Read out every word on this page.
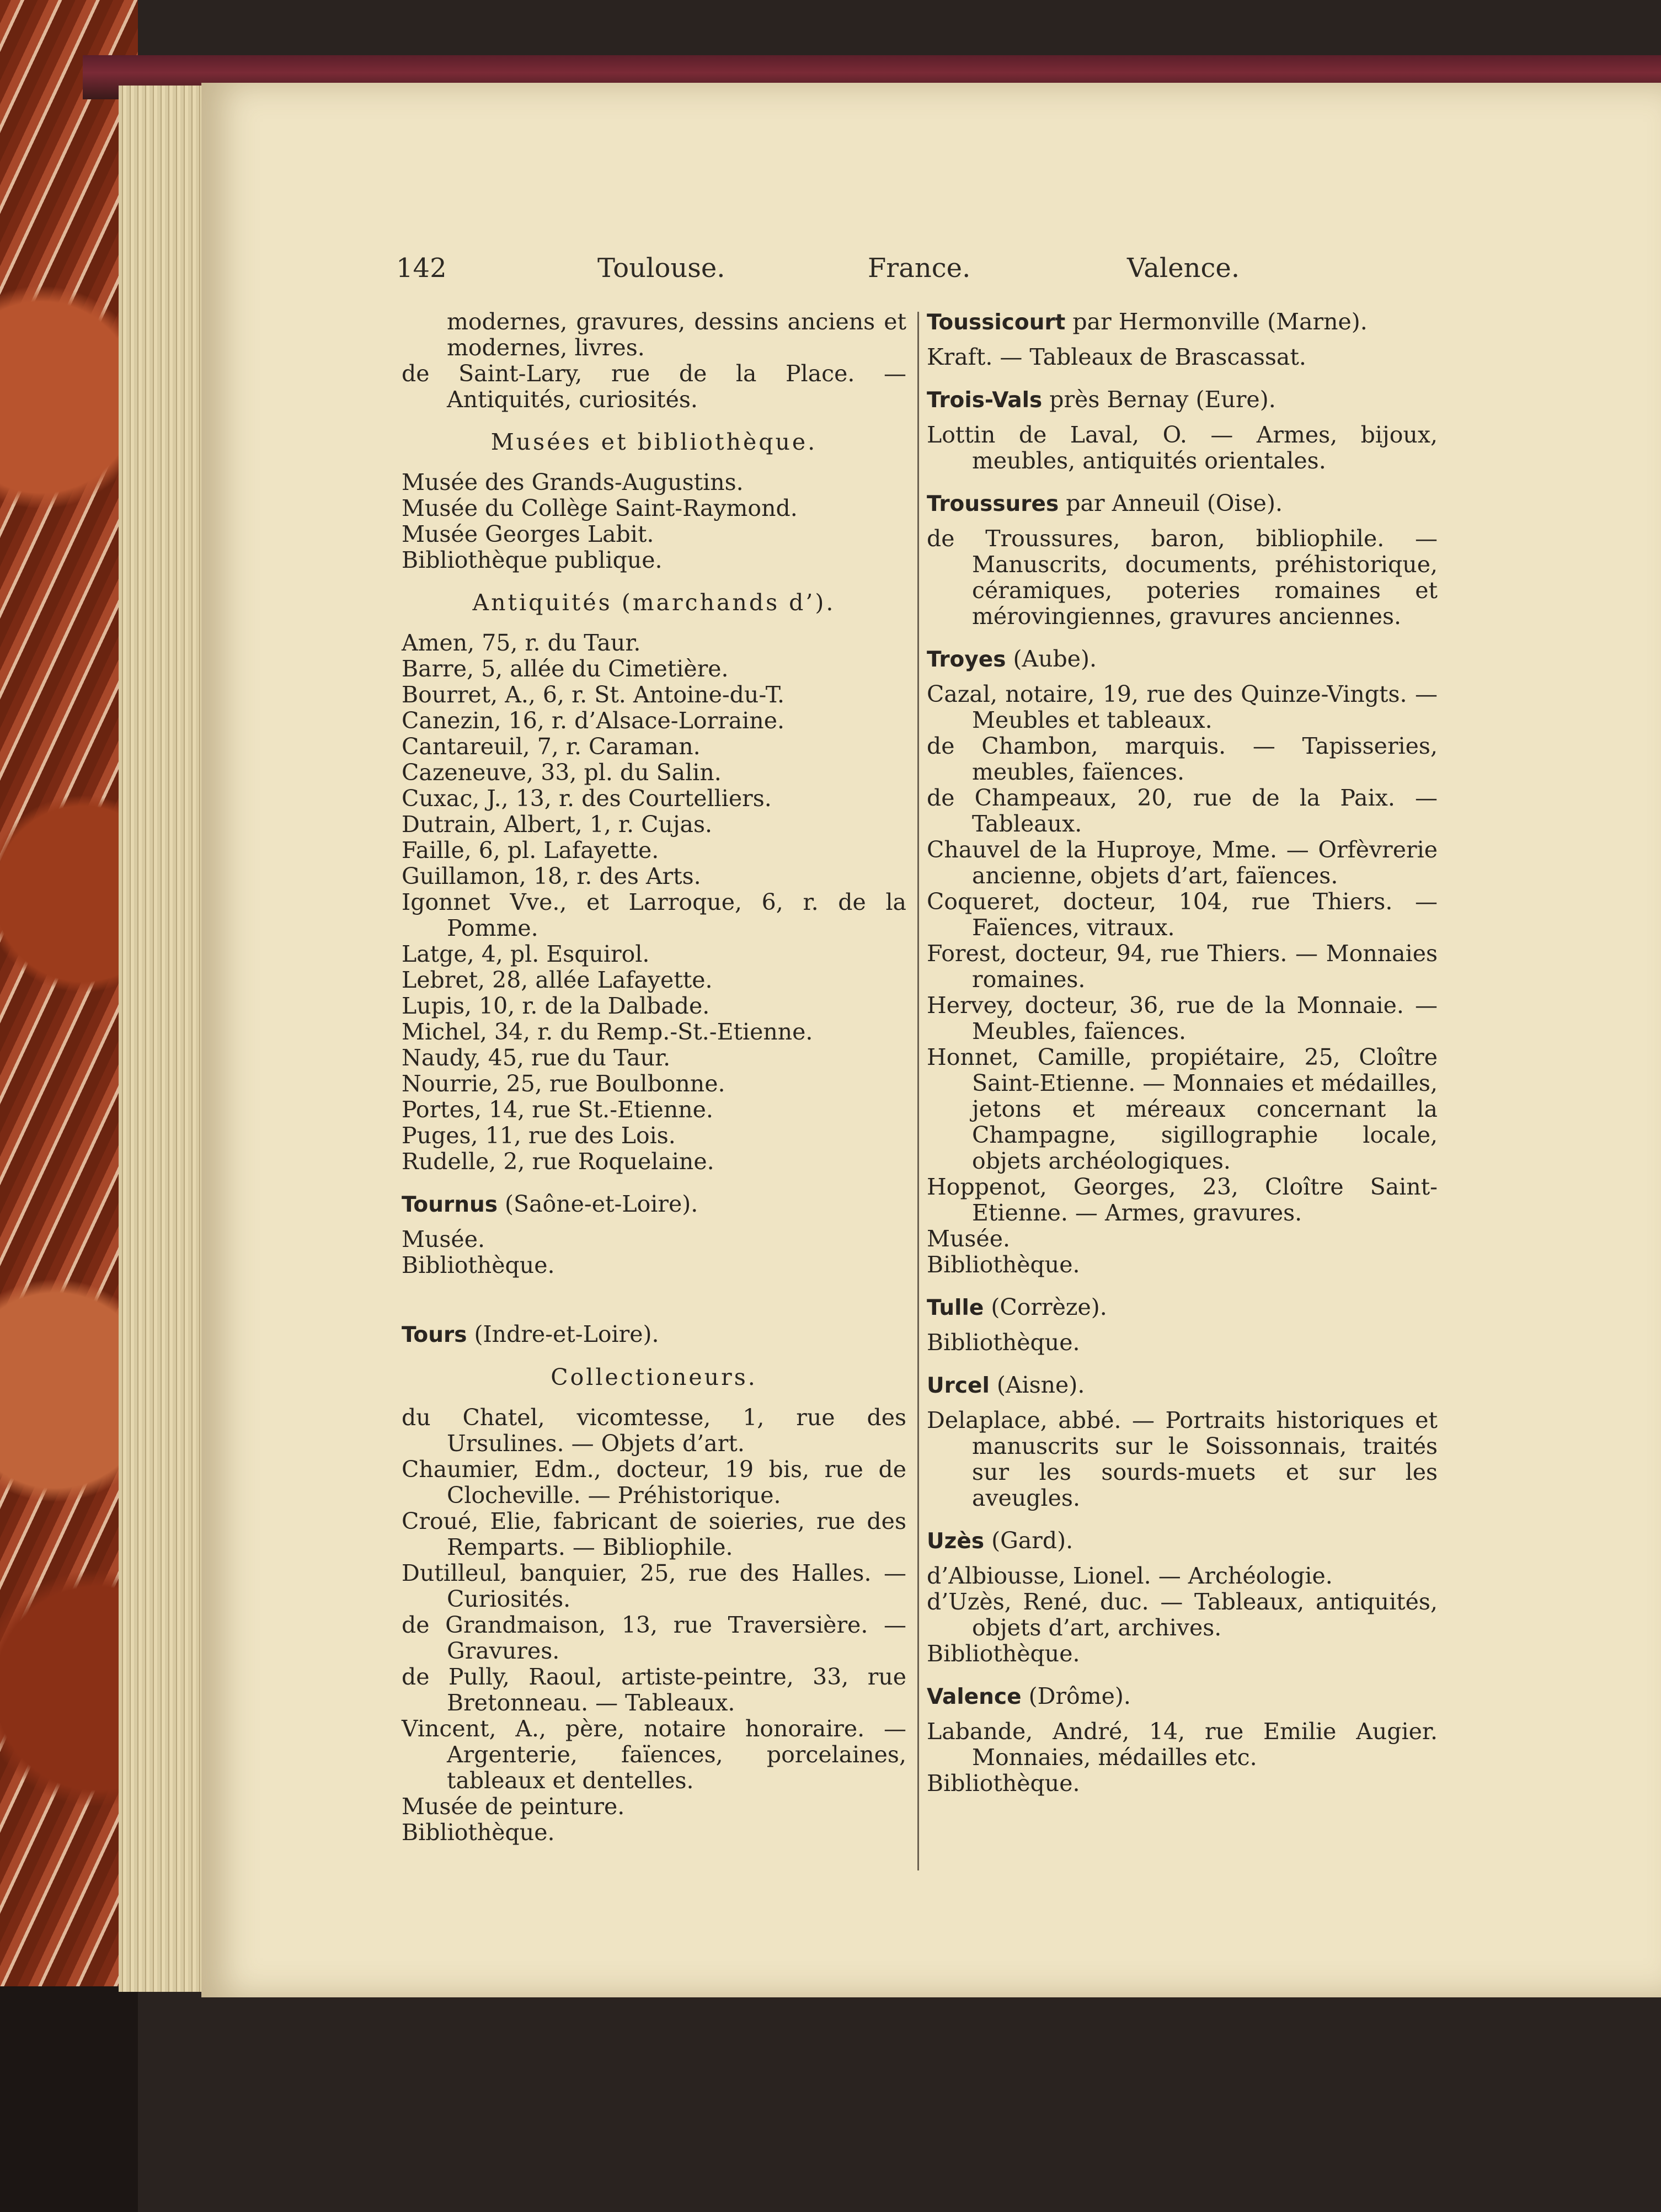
142	Toulouse.	France.	Valence.

modernes, gravures, dessins anciens et modernes, livres.

de Saint-Lary, rue de la Place. — Antiquités, curiosités.

Musées et bibliothèque.

Musée des Grands-Augustins.

Musée du Collège Saint-Raymond.

Musée Georges Labit.

Bibliothèque publique.

Antiquités (marchands d’).

Amen, 75, r. du Taur.

Barre, 5, allée du Cimetière.

Bourret, A., 6, r. St. Antoine-du-T.

Canezin, 16, r. d’Alsace-Lorraine.

Cantareuil, 7, r. Caraman.

Cazeneuve, 33, pl. du Salin.

Cuxac, J., 13, r. des Courtelliers.

Dutrain, Albert, 1, r. Cujas.

Faille, 6, pl. Lafayette.

Guillamon, 18, r. des Arts.

Igonnet Vve., et Larroque, 6, r. de la Pomme.

Latge, 4, pl. Esquirol.

Lebret, 28, allée Lafayette.

Lupis, 10, r. de la Dalbade.

Michel, 34, r. du Remp.-St.-Etienne.

Naudy, 45, rue du Taur.

Nourrie, 25, rue Boulbonne.

Portes, 14, rue St.-Etienne.

Puges, 11, rue des Lois.

Rudelle, 2, rue Roquelaine.

Tournus (Saône-et-Loire).

Musée.

Bibliothèque.

Tours (Indre-et-Loire).
Collectioneurs.

du Chatel, vicomtesse, 1, rue des Ursulines. — Objets d’art.

Chaumier, Edm., docteur, 19 bis, rue de Clocheville. — Préhistorique.

Croué, Elie, fabricant de soieries, rue des Remparts. — Bibliophile.

Dutilleul, banquier, 25, rue des Halles. — Curiosités.

de Grandmaison, 13, rue Traversière. — Gravures.

de Pully, Raoul, artiste-peintre, 33, rue Bretonneau. — Tableaux.

Vincent, A., père, notaire honoraire. — Argenterie, faïences, porcelaines, tableaux et dentelles.

Musée de peinture.

Bibliothèque.

Toussicourt par Hermonville (Marne).

Kraft. — Tableaux de Brascassat.

Trois-Vals près Bernay (Eure).

Lottin de Laval, O. — Armes, bijoux, meubles, antiquités orientales.

Troussures par Anneuil (Oise).

de Troussures, baron, bibliophile. — Manuscrits, documents, préhistorique, céramiques, poteries romaines et mérovingiennes, gravures anciennes.

Troyes (Aube).

Cazal, notaire, 19, rue des Quinze-Vingts. — Meubles et tableaux.

de Chambon, marquis. — Tapisseries, meubles, faïences.

de Champeaux, 20, rue de la Paix. — Tableaux.

Chauvel de la Huproye, Mme. — Orfèvrerie ancienne, objets d’art, faïences.

Coqueret, docteur, 104, rue Thiers. — Faïences, vitraux.

Forest, docteur, 94, rue Thiers. — Monnaies romaines.

Hervey, docteur, 36, rue de la Monnaie. — Meubles, faïences.

Honnet, Camille, propiétaire, 25, Cloître Saint-Etienne. — Monnaies et médailles, jetons et méreaux concernant la Champagne, sigillographie locale, objets archéologiques.

Hoppenot, Georges, 23, Cloître Saint-Etienne. — Armes, gravures.

Musée.

Bibliothèque.

Tulle (Corrèze).

Bibliothèque.

Urcel (Aisne).

Delaplace, abbé. — Portraits historiques et manuscrits sur le Soissonnais, traités sur les sourds-muets et sur les aveugles.

Uzès (Gard).

d’Albiousse, Lionel. — Archéologie.

d’Uzès, René, duc. — Tableaux, antiquités, objets d’art, archives.

Bibliothèque.

Valence (Drôme).

Labande, André, 14, rue Emilie Augier. Monnaies, médailles etc.

Bibliothèque.
